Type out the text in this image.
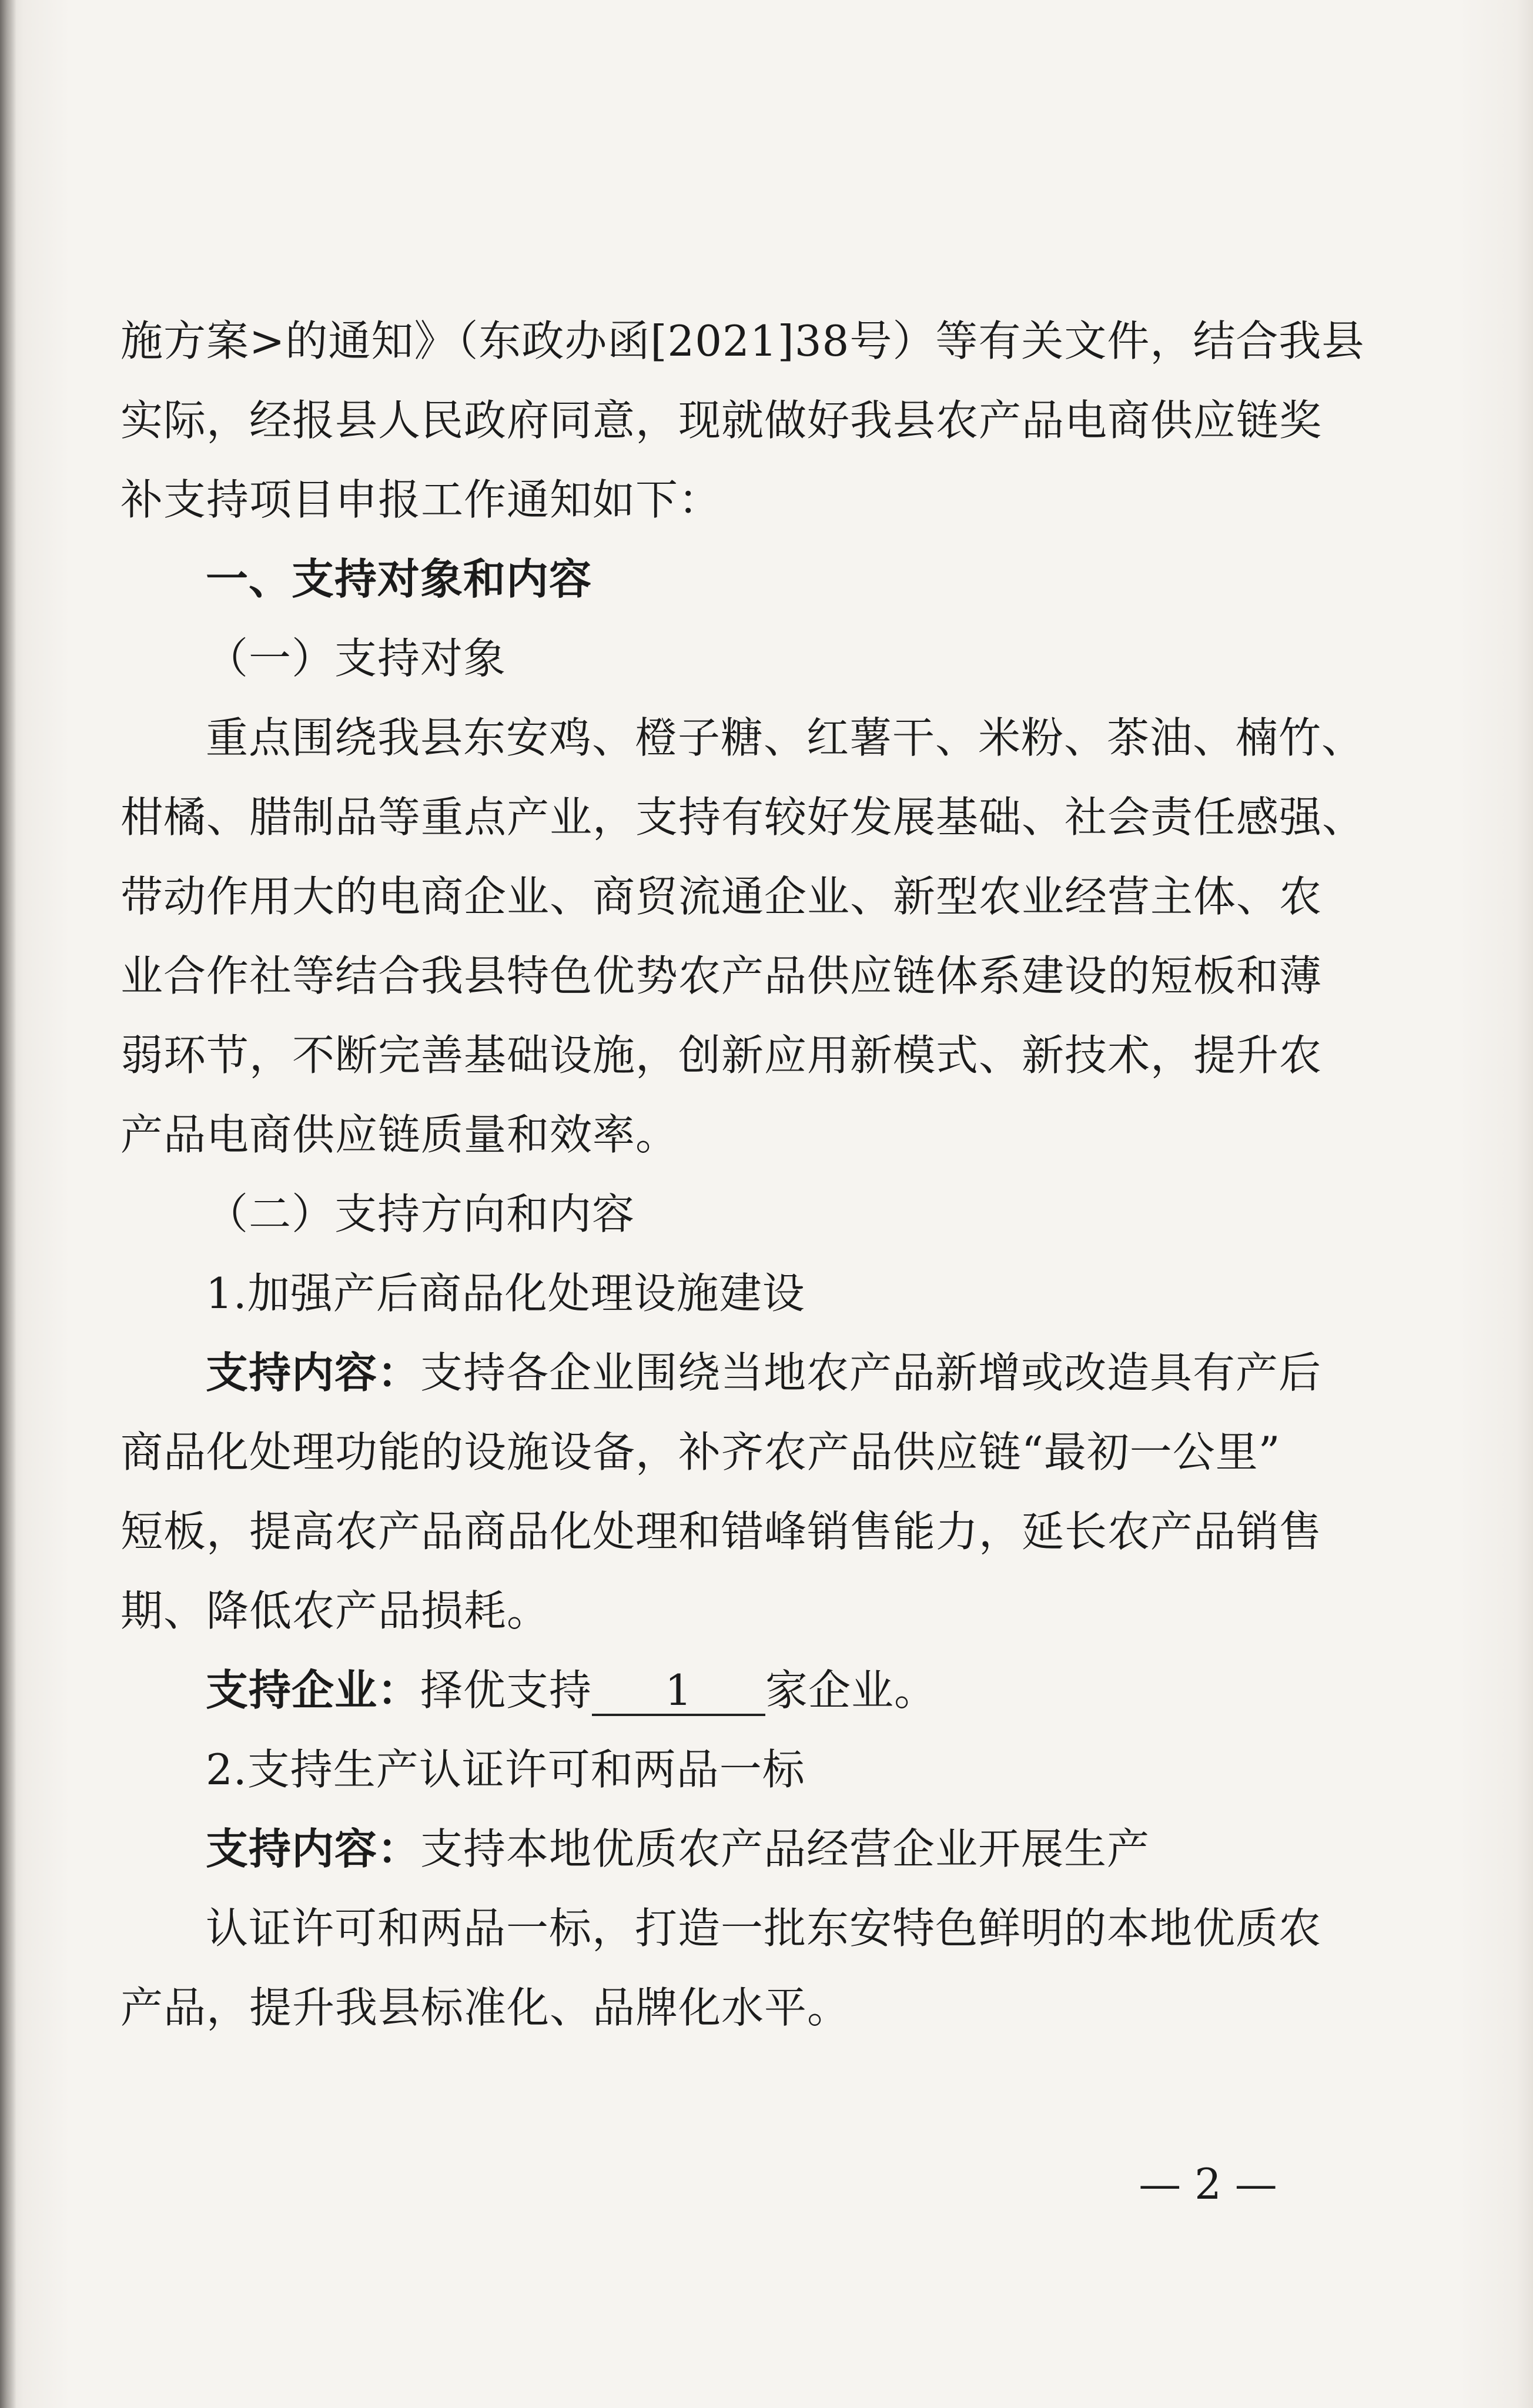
施方案>的通知》（东政办函[2021]38号）等有关文件，结合我县
实际，经报县人民政府同意，现就做好我县农产品电商供应链奖
补支持项目申报工作通知如下：
一、支持对象和内容
（一）支持对象
重点围绕我县东安鸡、橙子糖、红薯干、米粉、茶油、楠竹、
柑橘、腊制品等重点产业，支持有较好发展基础、社会责任感强、
带动作用大的电商企业、商贸流通企业、新型农业经营主体、农
业合作社等结合我县特色优势农产品供应链体系建设的短板和薄
弱环节，不断完善基础设施，创新应用新模式、新技术，提升农
产品电商供应链质量和效率。
（二）支持方向和内容
1.加强产后商品化处理设施建设
支持内容：支持各企业围绕当地农产品新增或改造具有产后
商品化处理功能的设施设备，补齐农产品供应链“最初一公里”
短板，提高农产品商品化处理和错峰销售能力，延长农产品销售
期、降低农产品损耗。
支持企业：择优支持 1 家企业。
2.支持生产认证许可和两品一标
支持内容：支持本地优质农产品经营企业开展生产
认证许可和两品一标，打造一批东安特色鲜明的本地优质农
产品，提升我县标准化、品牌化水平。
— 2 —
